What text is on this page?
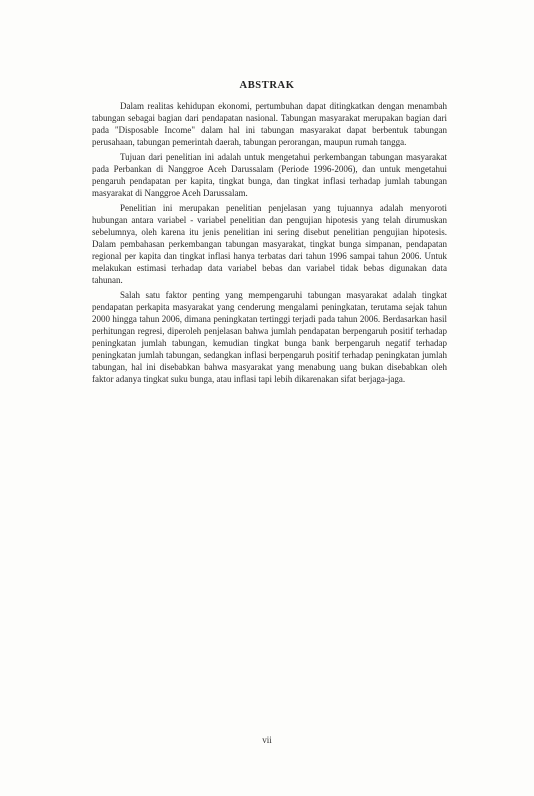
ABSTRAK

Dalam realitas kehidupan ekonomi, pertumbuhan dapat ditingkatkan dengan menambah tabungan sebagai bagian dari pendapatan nasional. Tabungan masyarakat merupakan bagian dari pada "Disposable Income" dalam hal ini tabungan masyarakat dapat berbentuk tabungan perusahaan, tabungan pemerintah daerah, tabungan perorangan, maupun rumah tangga.

Tujuan dari penelitian ini adalah untuk mengetahui perkembangan tabungan masyarakat pada Perbankan di Nanggroe Aceh Darussalam (Periode 1996-2006), dan untuk mengetahui pengaruh pendapatan per kapita, tingkat bunga, dan tingkat inflasi terhadap jumlah tabungan masyarakat di Nanggroe Aceh Darussalam.

Penelitian ini merupakan penelitian penjelasan yang tujuannya adalah menyoroti hubungan antara variabel - variabel penelitian dan pengujian hipotesis yang telah dirumuskan sebelumnya, oleh karena itu jenis penelitian ini sering disebut penelitian pengujian hipotesis. Dalam pembahasan perkembangan tabungan masyarakat, tingkat bunga simpanan, pendapatan regional per kapita dan tingkat inflasi hanya terbatas dari tahun 1996 sampai tahun 2006. Untuk melakukan estimasi terhadap data variabel bebas dan variabel tidak bebas digunakan data tahunan.

Salah satu faktor penting yang mempengaruhi tabungan masyarakat adalah tingkat pendapatan perkapita masyarakat yang cenderung mengalami peningkatan, terutama sejak tahun 2000 hingga tahun 2006, dimana peningkatan tertinggi terjadi pada tahun 2006. Berdasarkan hasil perhitungan regresi, diperoleh penjelasan bahwa jumlah pendapatan berpengaruh positif terhadap peningkatan jumlah tabungan, kemudian tingkat bunga bank berpengaruh negatif terhadap peningkatan jumlah tabungan, sedangkan inflasi berpengaruh positif terhadap peningkatan jumlah tabungan, hal ini disebabkan bahwa masyarakat yang menabung uang bukan disebabkan oleh faktor adanya tingkat suku bunga, atau inflasi tapi lebih dikarenakan sifat berjaga-jaga.

vii
